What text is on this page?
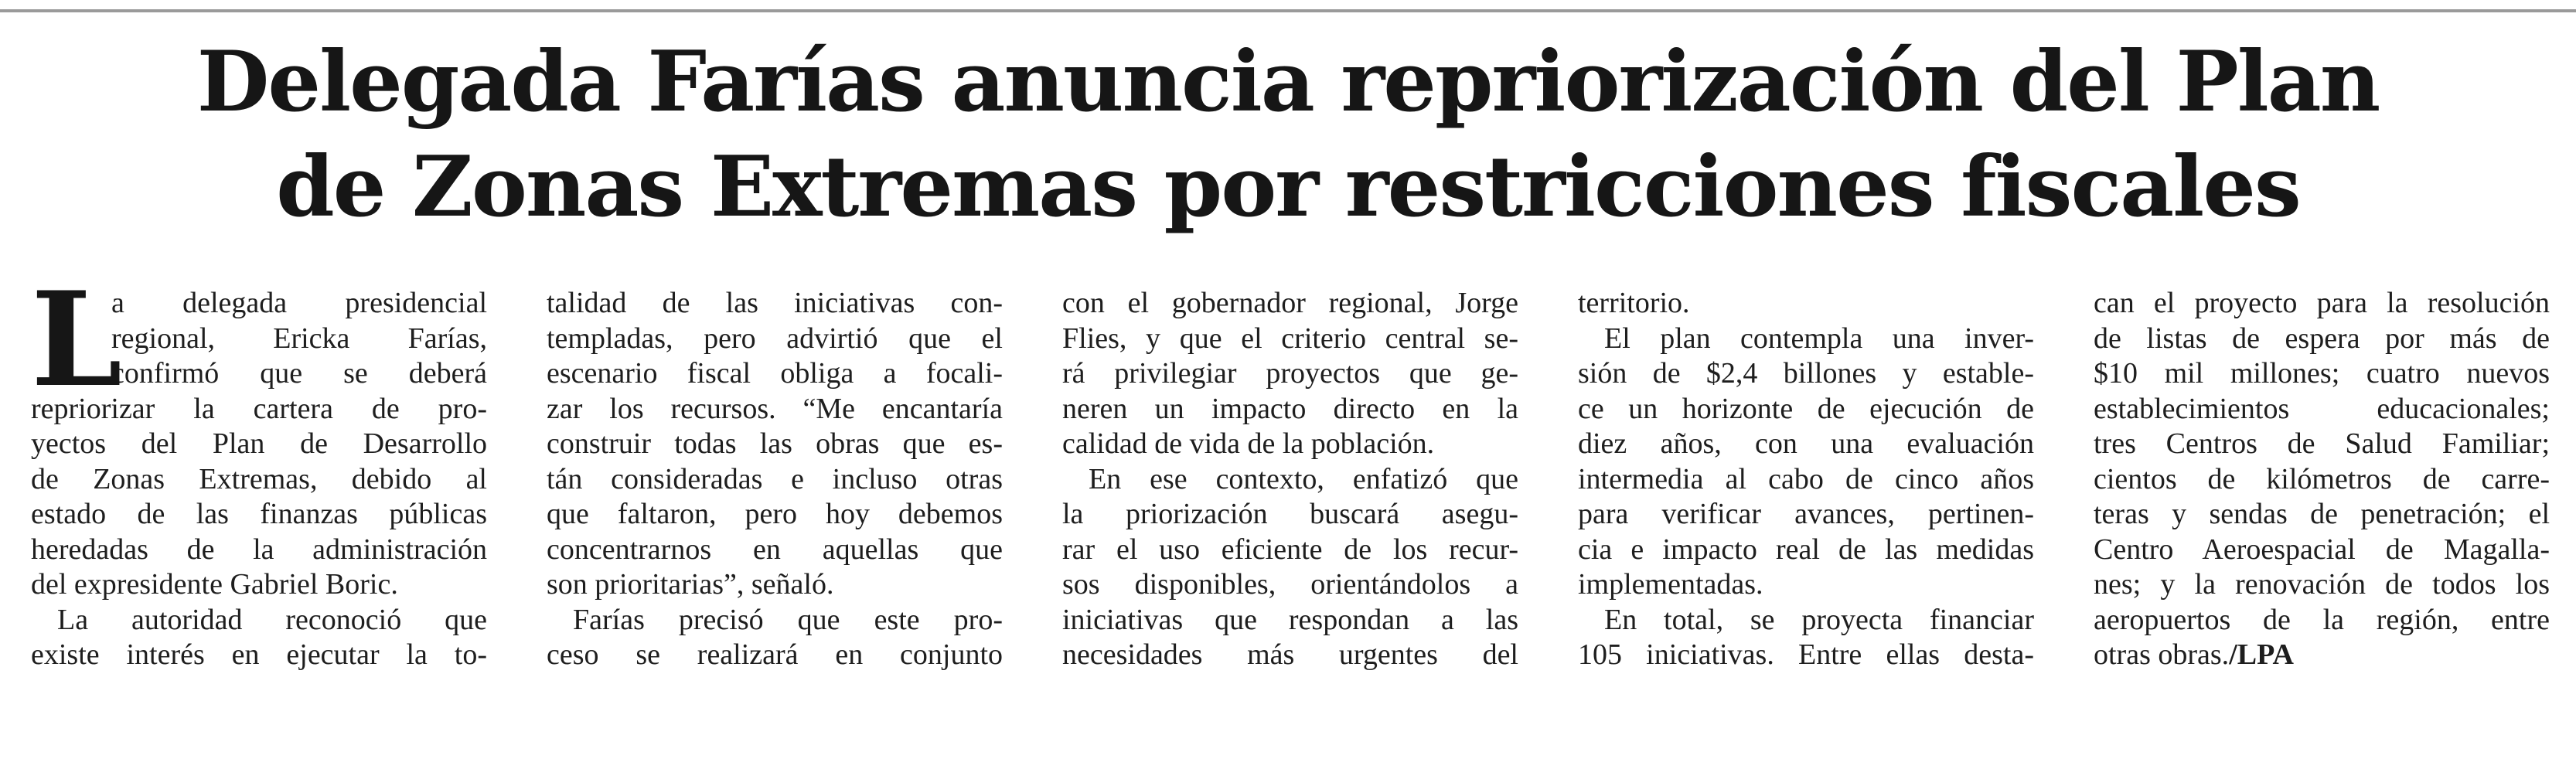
Delegada Farías anuncia repriorización del Plan
de Zonas Extremas por restricciones fiscales
L
a delegada presidencial
regional, Ericka Farías,
confirmó que se deberá
repriorizar la cartera de pro-
yectos del Plan de Desarrollo
de Zonas Extremas, debido al
estado de las finanzas públicas
heredadas de la administración
del expresidente Gabriel Boric.
La autoridad reconoció que
existe interés en ejecutar la to-
talidad de las iniciativas con-
templadas, pero advirtió que el
escenario fiscal obliga a focali-
zar los recursos. “Me encantaría
construir todas las obras que es-
tán consideradas e incluso otras
que faltaron, pero hoy debemos
concentrarnos en aquellas que
son prioritarias”, señaló.
Farías precisó que este pro-
ceso se realizará en conjunto
con el gobernador regional, Jorge
Flies, y que el criterio central se-
rá privilegiar proyectos que ge-
neren un impacto directo en la
calidad de vida de la población.
En ese contexto, enfatizó que
la priorización buscará asegu-
rar el uso eficiente de los recur-
sos disponibles, orientándolos a
iniciativas que respondan a las
necesidades más urgentes del
territorio.
El plan contempla una inver-
sión de $2,4 billones y estable-
ce un horizonte de ejecución de
diez años, con una evaluación
intermedia al cabo de cinco años
para verificar avances, pertinen-
cia e impacto real de las medidas
implementadas.
En total, se proyecta financiar
105 iniciativas. Entre ellas desta-
can el proyecto para la resolución
de listas de espera por más de
$10 mil millones; cuatro nuevos
establecimientos educacionales;
tres Centros de Salud Familiar;
cientos de kilómetros de carre-
teras y sendas de penetración; el
Centro Aeroespacial de Magalla-
nes; y la renovación de todos los
aeropuertos de la región, entre
otras obras./LPA
